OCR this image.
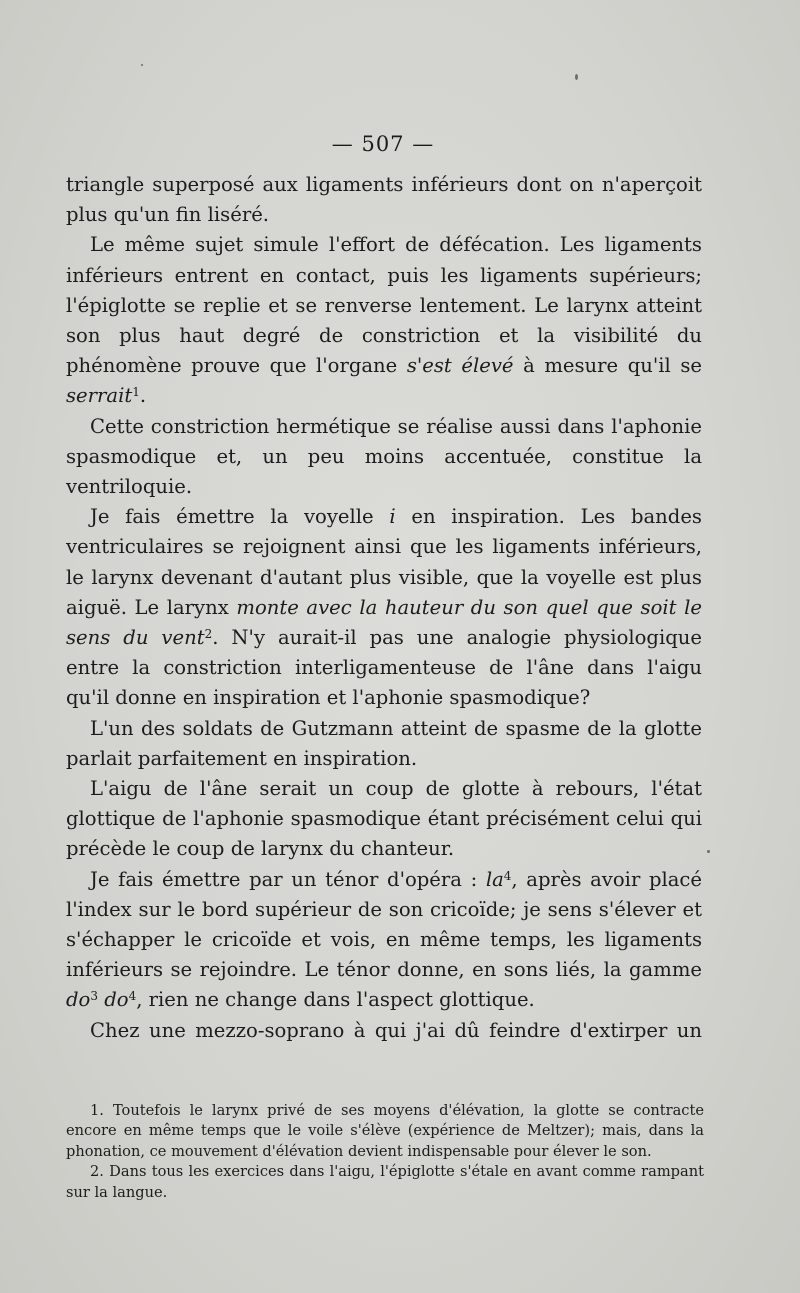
— 507 —

triangle superposé aux ligaments inférieurs dont on n'aperçoit plus qu'un fin liséré.

Le même sujet simule l'effort de défécation. Les ligaments inférieurs entrent en contact, puis les ligaments supérieurs; l'épiglotte se replie et se renverse lentement. Le larynx atteint son plus haut degré de constriction et la visibilité du phénomène prouve que l'organe s'est élevé à mesure qu'il se serrait$^1$.

Cette constriction hermétique se réalise aussi dans l'aphonie spasmodique et, un peu moins accentuée, constitue la ventriloquie.

Je fais émettre la voyelle i en inspiration. Les bandes ventriculaires se rejoignent ainsi que les ligaments inférieurs, le larynx devenant d'autant plus visible, que la voyelle est plus aiguë. Le larynx monte avec la hauteur du son quel que soit le sens du vent$^2$. N'y aurait-il pas une analogie physiologique entre la constriction interligamenteuse de l'âne dans l'aigu qu'il donne en inspiration et l'aphonie spasmodique?

L'un des soldats de Gutzmann atteint de spasme de la glotte parlait parfaitement en inspiration.

L'aigu de l'âne serait un coup de glotte à rebours, l'état glottique de l'aphonie spasmodique étant précisément celui qui précède le coup de larynx du chanteur.

Je fais émettre par un ténor d'opéra : $la^4$, après avoir placé l'index sur le bord supérieur de son cricoïde; je sens s'élever et s'échapper le cricoïde et vois, en même temps, les ligaments inférieurs se rejoindre. Le ténor donne, en sons liés, la gamme $do^3$ $do^4$, rien ne change dans l'aspect glottique.

Chez une mezzo-soprano à qui j'ai dû feindre d'extirper un

1. Toutefois le larynx privé de ses moyens d'élévation, la glotte se contracte encore en même temps que le voile s'élève (expérience de Meltzer); mais, dans la phonation, ce mouvement d'élévation devient indispensable pour élever le son.

2. Dans tous les exercices dans l'aigu, l'épiglotte s'étale en avant comme rampant sur la langue.
